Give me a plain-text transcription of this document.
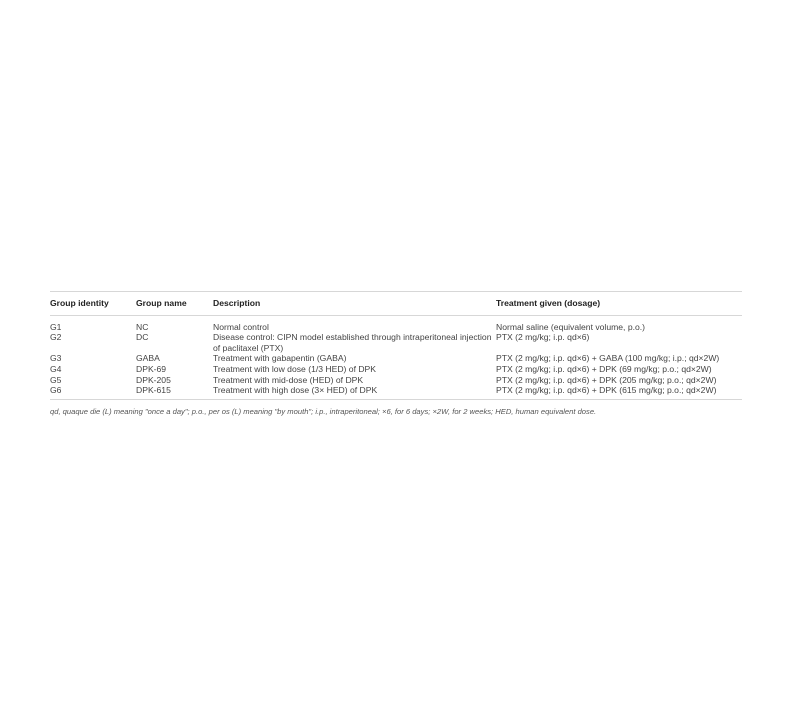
Group identity	Group name	Description	Treatment given (dosage)
G1	NC	Normal control	Normal saline (equivalent volume, p.o.)
G2	DC	Disease control: CIPN model established through intraperitoneal injection of paclitaxel (PTX)	PTX (2 mg/kg; i.p. qd×6)
G3	GABA	Treatment with gabapentin (GABA)	PTX (2 mg/kg; i.p. qd×6) + GABA (100 mg/kg; i.p.; qd×2W)
G4	DPK-69	Treatment with low dose (1/3 HED) of DPK	PTX (2 mg/kg; i.p. qd×6) + DPK (69 mg/kg; p.o.; qd×2W)
G5	DPK-205	Treatment with mid-dose (HED) of DPK	PTX (2 mg/kg; i.p. qd×6) + DPK (205 mg/kg; p.o.; qd×2W)
G6	DPK-615	Treatment with high dose (3× HED) of DPK	PTX (2 mg/kg; i.p. qd×6) + DPK (615 mg/kg; p.o.; qd×2W)
qd, quaque die (L) meaning "once a day"; p.o., per os (L) meaning "by mouth"; i.p., intraperitoneal; ×6, for 6 days; ×2W, for 2 weeks; HED, human equivalent dose.
